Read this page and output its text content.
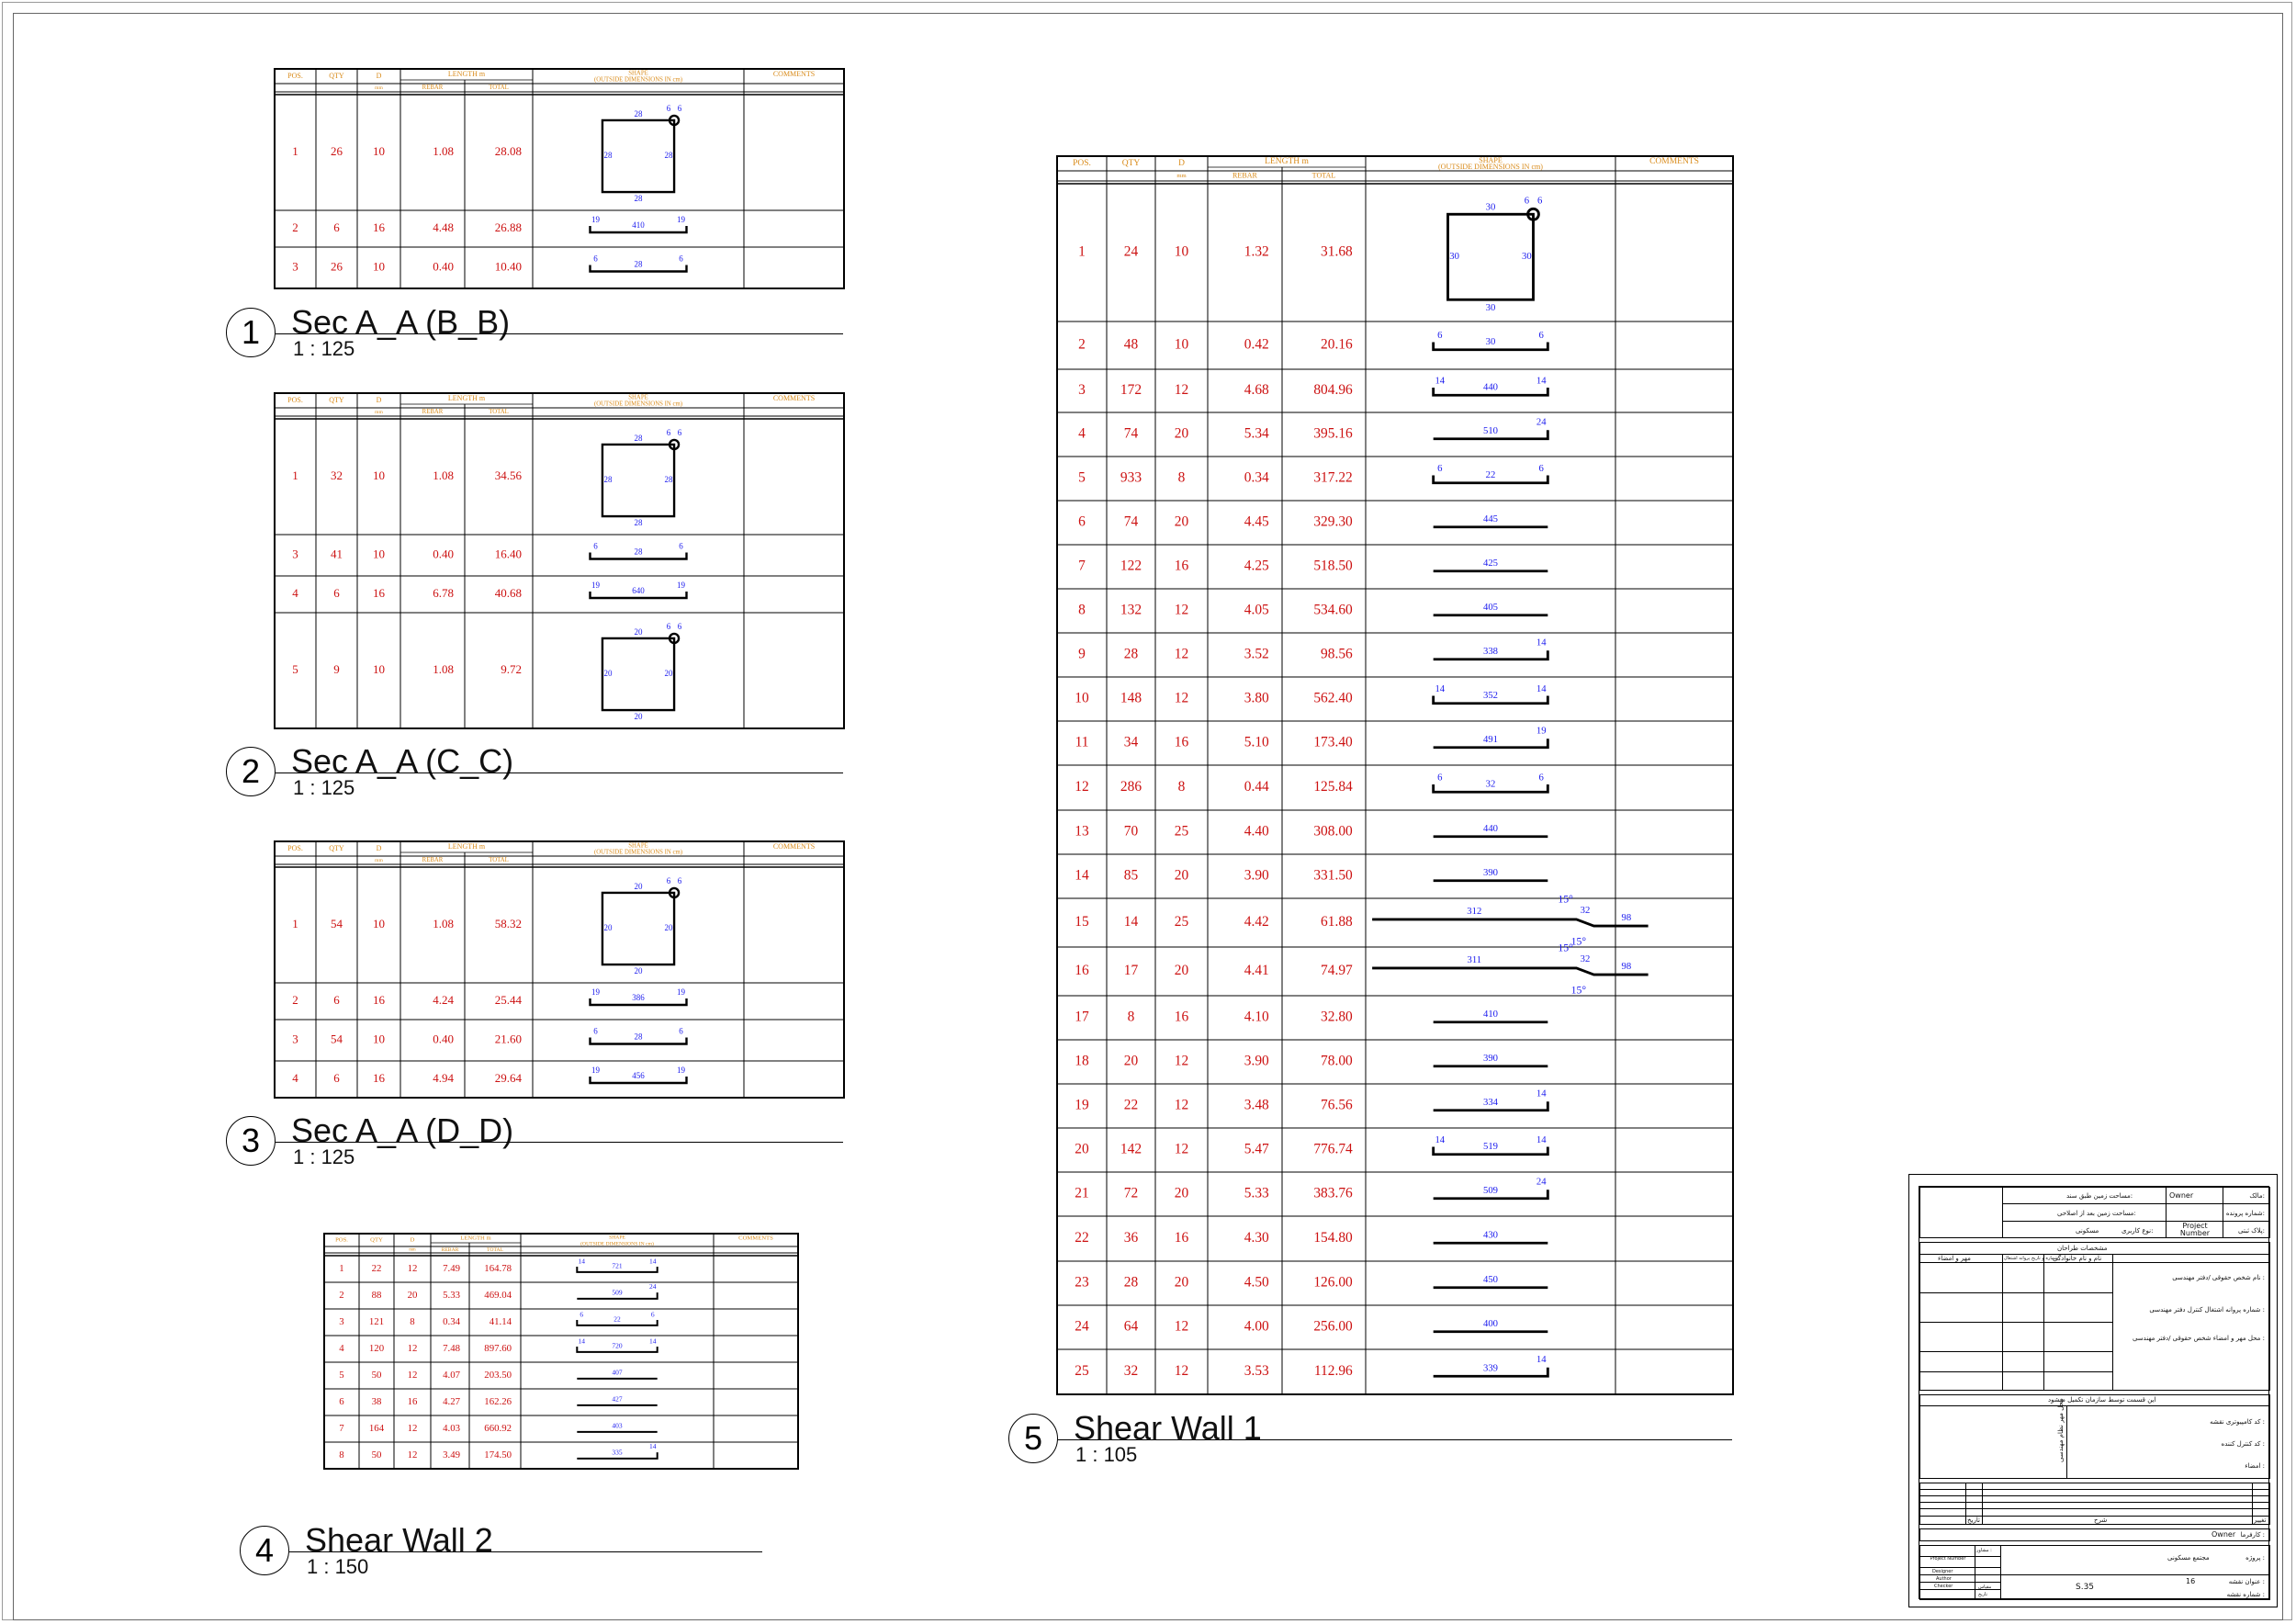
POS.	QTY	D	LENGTH m	SHAPE
(OUTSIDE DIMENSIONS IN cm)
COMMENTS
REBAR	TOTAL
mm
1	26	10	1.08	28.08
28
28
28	28
6 6
2	6	16	4.48	26.88
19
410
19
3	26	10	0.40	10.40
6
28
6
POS.	QTY	D	LENGTH m	SHAPE
(OUTSIDE DIMENSIONS IN cm)
COMMENTS
REBAR	TOTAL
mm
1	32	10	1.08	34.56
28
28
28	28
6 6
3	41	10	0.40	16.40
6
28
6
4	6	16	6.78	40.68
19
640
19
5	9	10	1.08	9.72
20
20
20	20
6 6
POS.	QTY	D	LENGTH m	SHAPE
(OUTSIDE DIMENSIONS IN cm)
COMMENTS
REBAR	TOTAL
mm
1	54	10	1.08	58.32
20
20
20	20
6 6
2	6	16	4.24	25.44
19
386
19
3	54	10	0.40	21.60
6
28
6
4	6	16	4.94	29.64
19
456
19
POS.	QTY	D	LENGTH m	SHAPE
(OUTSIDE DIMENSIONS IN cm)
COMMENTS
REBAR	TOTAL
mm
1	22	12	7.49 164.78
14
721
14
2	88	20	5.33 469.04	509
24
3	121	8	0.34	41.14
6
22
6
4	120 12	7.48 897.60
14
720
14
5	50	12	4.07 203.50	407
6	38	16	4.27 162.26	427
7	164 12	4.03 660.92	403
8	50	12	3.49 174.50	335
14
POS.	QTY	D	LENGTH m	SHAPE
(OUTSIDE DIMENSIONS IN cm)
COMMENTS
REBAR	TOTAL
mm
1	24	10	1.32	31.68
30
30
30	30
6 6
2	48	10	0.42	20.16
6
30
6
3 172 12	4.68	804.96
14
440
14
4	74	20	5.34	395.16	510
24
5 933	8	0.34	317.22
6
22
6
6	74	20	4.45	329.30	445
7 122 16	4.25	518.50	425
8 132 12	4.05	534.60	405
9	28	12	3.52	98.56	338
14
10 148 12	3.80	562.40
14
352
14
11 34	16	5.10	173.40	491
19
12 286	8	0.44	125.84
6
32
6
13 70	25	4.40	308.00	440
14 85	20	3.90	331.50	390
15 14	25	4.42	61.88
312	32
98
15°
15°
16 17	20	4.41	74.97
311	32
98
15°
15°
17	8	16	4.10	32.80	410
18 20	12	3.90	78.00	390
19 22	12	3.48	76.56	334
14
20 142 12	5.47	776.74
14
519
14
21 72	20	5.33	383.76	509
24
22 36	16	4.30	154.80	430
23 28	20	4.50	126.00	450
24 64	12	4.00	256.00	400
25 32	12	3.53	112.96	339
14
1 Sec A_A (B_B)
1 : 125
2 Sec A_A (C_C)
1 : 125
3 Sec A_A (D_D)
1 : 125
4 Shear Wall 2
1 : 150
5 Shear Wall 1
1 : 105
مالک:
Owner
مساحت زمین طبق سند:
شماره پرونده:
مساحت زمین بعد از اصلاحی:
پلاک ثبتی:
Project Number
نوع کاربری:
مسکونی
مشخصات طراحان
مهر و امضاء	شماره و تاریخ پروانه اشتغال
نام و نام خانوادگی
نام شخص حقوقی /دفتر مهندسی :
شماره پروانه اشتغال کنترل دفتر مهندسی :
محل مهر و امضاء شخص حقوقی /دفتر مهندسی :
این قسمت توسط سازمان تکمیل میشود
محل مهر نظام مهندسی	کد کامپیوتری نقشه :
کد کنترل کننده :
امضاء :
شرح
تاریخ	تغییر
کارفرما :
Owner
مشاور :
Project Number
Designer
Author
Checker
پروژه :
مجتمع مسکونی
عنوان نقشه :
16
شماره نقشه :
S.35
مقیاس
تاریخ
